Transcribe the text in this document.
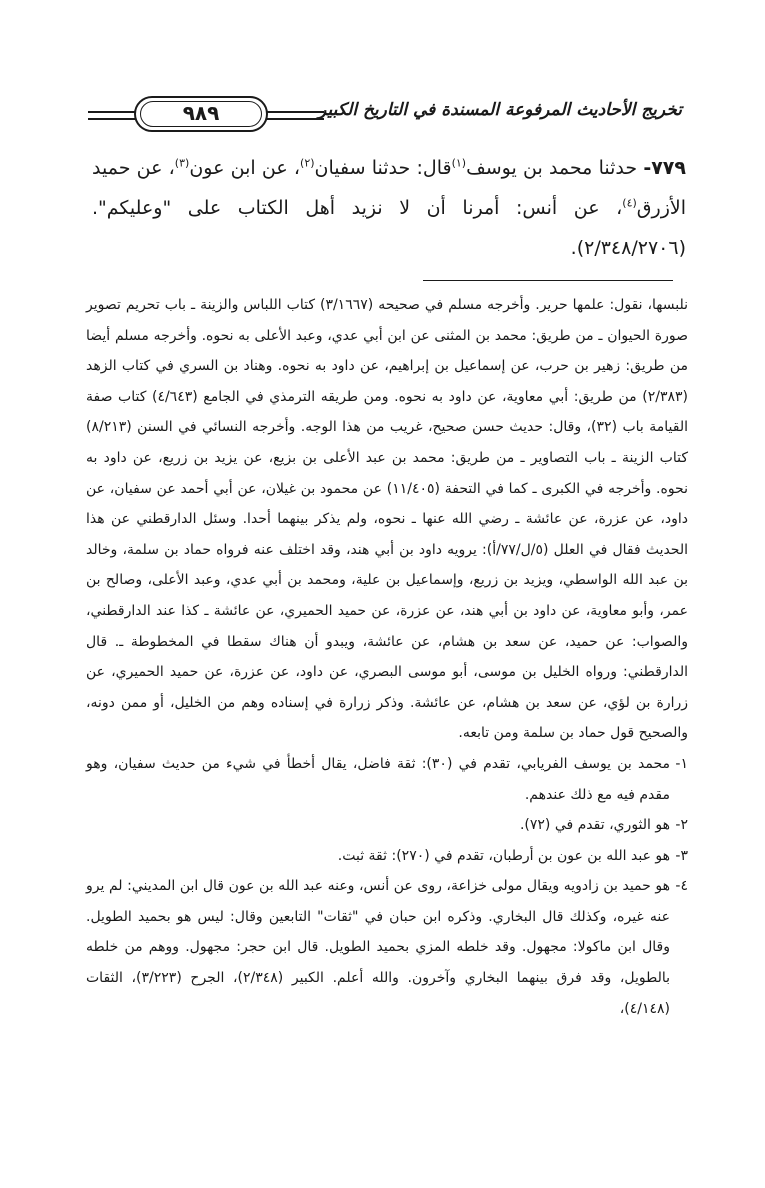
تخريج الأحاديث المرفوعة المسندة في التاريخ الكبير
٩٨٩

٧٧٩- حدثنا محمد بن يوسف$^{(١)}$قال: حدثنا سفيان$^{(٢)}$، عن ابن عون$^{(٣)}$، عن حميد الأزرق$^{(٤)}$، عن أنس: أمرنا أن لا نزيد أهل الكتاب على "وعليكم". (٢/٣٤٨/٢٧٠٦).

نلبسها، نقول: علمها حرير. وأخرجه مسلم في صحيحه (٣/١٦٦٧) كتاب اللباس والزينة ـ باب تحريم تصوير صورة الحيوان ـ من طريق: محمد بن المثنى عن ابن أبي عدي، وعبد الأعلى به نحوه. وأخرجه مسلم أيضا من طريق: زهير بن حرب، عن إسماعيل بن إبراهيم، عن داود به نحوه. وهناد بن السري في كتاب الزهد (٢/٣٨٣) من طريق: أبي معاوية، عن داود به نحوه. ومن طريقه الترمذي في الجامع (٤/٦٤٣) كتاب صفة القيامة باب (٣٢)، وقال: حديث حسن صحيح، غريب من هذا الوجه. وأخرجه النسائي في السنن (٨/٢١٣) كتاب الزينة ـ باب التصاوير ـ من طريق: محمد بن عبد الأعلى بن بزيع، عن يزيد بن زريع، عن داود به نحوه. وأخرجه في الكبرى ـ كما في التحفة (١١/٤٠٥) عن محمود بن غيلان، عن أبي أحمد عن سفيان، عن داود، عن عزرة، عن عائشة ـ رضي الله عنها ـ نحوه، ولم يذكر بينهما أحدا. وسئل الدارقطني عن هذا الحديث فقال في العلل (٥/ل/٧٧/أ): يرويه داود بن أبي هند، وقد اختلف عنه فرواه حماد بن سلمة، وخالد بن عبد الله الواسطي، ويزيد بن زريع، وإسماعيل بن علية، ومحمد بن أبي عدي، وعبد الأعلى، وصالح بن عمر، وأبو معاوية، عن داود بن أبي هند، عن عزرة، عن حميد الحميري، عن عائشة ـ كذا عند الدارقطني، والصواب: عن حميد، عن سعد بن هشام، عن عائشة، ويبدو أن هناك سقطا في المخطوطة ـ. قال الدارقطني: ورواه الخليل بن موسى، أبو موسى البصري، عن داود، عن عزرة، عن حميد الحميري، عن زرارة بن لؤي، عن سعد بن هشام، عن عائشة. وذكر زرارة في إسناده وهم من الخليل، أو ممن دونه، والصحيح قول حماد بن سلمة ومن تابعه.

١-
محمد بن يوسف الفريابي، تقدم في (٣٠): ثقة فاضل، يقال أخطأ في شيء من حديث سفيان، وهو مقدم فيه مع ذلك عندهم.
٢-
هو الثوري، تقدم في (٧٢).
٣-
هو عبد الله بن عون بن أرطبان، تقدم في (٢٧٠): ثقة ثبت.
٤-
هو حميد بن زادويه ويقال مولى خزاعة، روى عن أنس، وعنه عبد الله بن عون قال ابن المديني: لم يرو عنه غيره، وكذلك قال البخاري. وذكره ابن حبان في "ثقات" التابعين وقال: ليس هو بحميد الطويل. وقال ابن ماكولا: مجهول. وقد خلطه المزي بحميد الطويل. قال ابن حجر: مجهول. ووهم من خلطه بالطويل، وقد فرق بينهما البخاري وآخرون. والله أعلم. الكبير (٢/٣٤٨)، الجرح (٣/٢٢٣)، الثقات (٤/١٤٨)،
